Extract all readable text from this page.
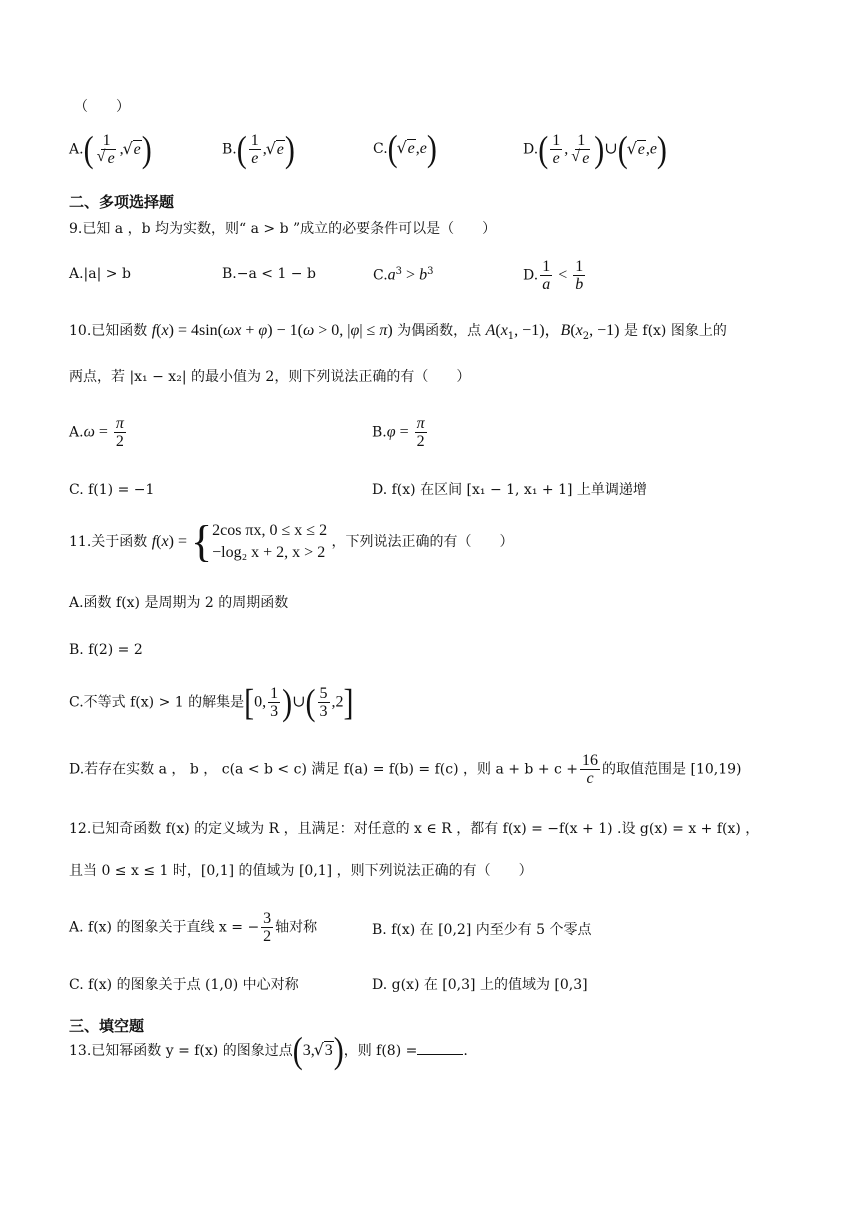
（　　）
A.( 1
√ e , √ e)	$B.( \frac{1}{e}$ , √ e)	C.( √ e,e)	$D.( \frac{1}{e}$ , 1
√ e )∪( √ e,e)
二、多项选择题
9.已知 a ，b 均为实数，则“ a > b ”成立的必要条件可以是（　　）
A.|a| > b	B.−a < 1 − b	$C.a^3 > b^3$	D. $\frac{1}{a} < \frac{1}{b}$
10.已知函数 f(x) = 4sin(ωx + φ) − 1(ω > 0, |φ| ≤ π) 为偶函数，点 $A(x_1$, −1)，$B(x_2$, −1) 是 f(x) 图象上的
两点，若 |x₁ − x₂| 的最小值为 2，则下列说法正确的有（　　）
$A.\omega = \frac{\pi}{2}$	$B.\varphi = \frac{\pi}{2}$
C. f(1) = −1	D. f(x) 在区间 [x₁ − 1, x₁ + 1] 上单调递增
11.关于函数 f(x) = { 2cos πx, 0 ≤ x ≤ 2
−log₂ x + 2, x > 2
，下列说法正确的有（　　）
A.函数 f(x) 是周期为 2 的周期函数
B. f(2) = 2
C.不等式 f(x) > 1 的解集是[0, $\frac{1}{3}$ )∪( $\frac{5}{3} ,2$]
D.若存在实数 a ， b ， c(a < b < c) 满足 f(a) = f(b) = f(c) ，则 $a + b + c + \frac{16}{c}$ 的取值范围是 [10,19)
12.已知奇函数 f(x) 的定义域为 R ，且满足：对任意的 x ∈ R ，都有 f(x) = −f(x + 1) .设 g(x) = x + f(x) ，
且当 0 ≤ x ≤ 1 时，[0,1] 的值域为 [0,1] ，则下列说法正确的有（　　）
A. f(x) 的图象关于直线 x = − $\frac{3}{2}$ 轴对称	B. f(x) 在 [0,2] 内至少有 5 个零点
C. f(x) 的图象关于点 (1,0) 中心对称	D. g(x) 在 [0,3] 上的值域为 [0,3]
三、填空题
13.已知幂函数 y = f(x) 的图象过点(3, √ 3)，则 f(8) =	.
